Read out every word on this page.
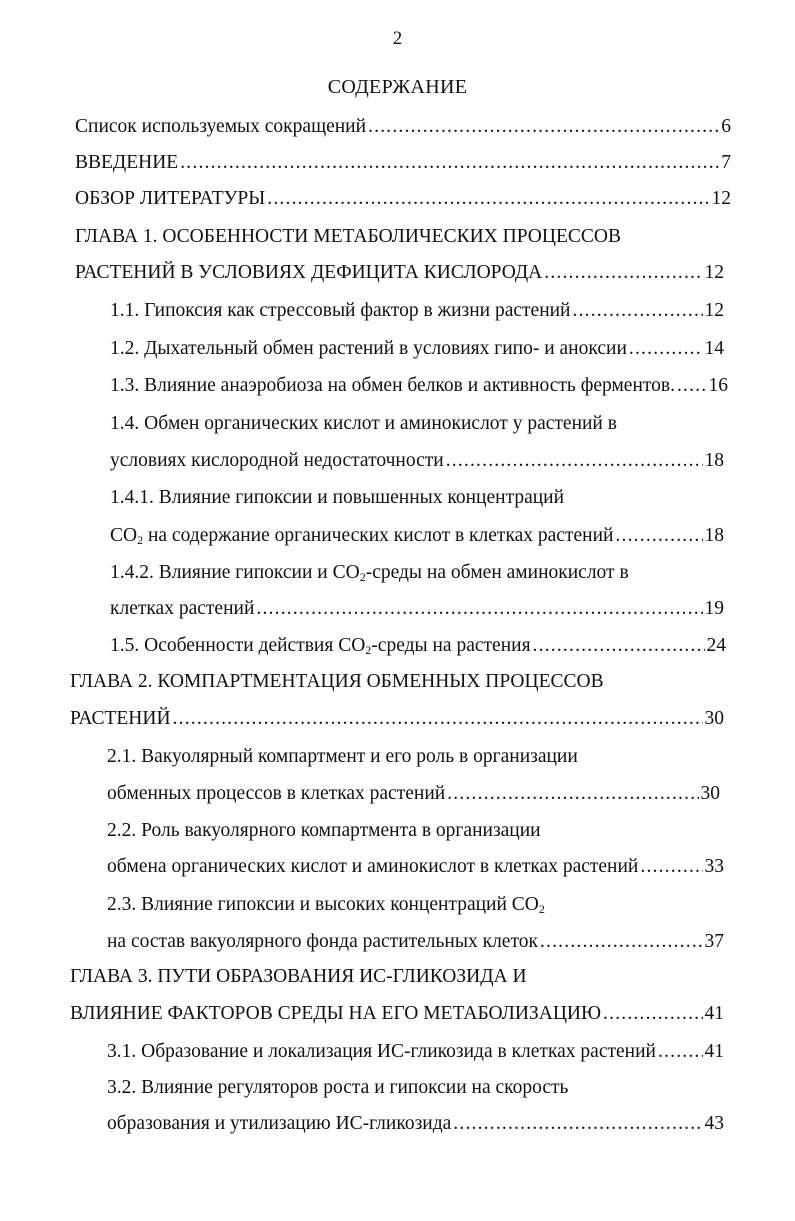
2
СОДЕРЖАНИЕ
Список используемых сокращений .....	6
ВВЕДЕНИЕ .....	7
ОБЗОР ЛИТЕРАТУРЫ .....	12
ГЛАВА 1. ОСОБЕННОСТИ МЕТАБОЛИЧЕСКИХ ПРОЦЕССОВ
РАСТЕНИЙ В УСЛОВИЯХ ДЕФИЦИТА КИСЛОРОДА .....	12
1.1. Гипоксия как стрессовый фактор в жизни растений .....	12
1.2. Дыхательный обмен растений в условиях гипо- и аноксии .....	14
1.3. Влияние анаэробиоза на обмен белков и активность ферментов. ..... 16
1.4. Обмен органических кислот и аминокислот у растений в
условиях кислородной недостаточности .....	18
1.4.1. Влияние гипоксии и повышенных концентраций
$CO_2$ на содержание органических кислот в клетках растений .....	18
1.4.2. Влияние гипоксии и $CO_2$-среды на обмен аминокислот в
клетках растений .....	19
1.5. Особенности действия $CO_2$-среды на растения .....	24
ГЛАВА 2. КОМПАРТМЕНТАЦИЯ ОБМЕННЫХ ПРОЦЕССОВ
РАСТЕНИЙ .....	30
2.1. Вакуолярный компартмент и его роль в организации
обменных процессов в клетках растений .....	30
2.2. Роль вакуолярного компартмента в организации
обмена органических кислот и аминокислот в клетках растений .....	33
2.3. Влияние гипоксии и высоких концентраций $CO_2$
на состав вакуолярного фонда растительных клеток .....	37
ГЛАВА 3. ПУТИ ОБРАЗОВАНИЯ ИС-ГЛИКОЗИДА И
ВЛИЯНИЕ ФАКТОРОВ СРЕДЫ НА ЕГО МЕТАБОЛИЗАЦИЮ .....	41
3.1. Образование и локализация ИС-гликозида в клетках растений ..... 41
3.2. Влияние регуляторов роста и гипоксии на скорость
образования и утилизацию ИС-гликозида .....	43
